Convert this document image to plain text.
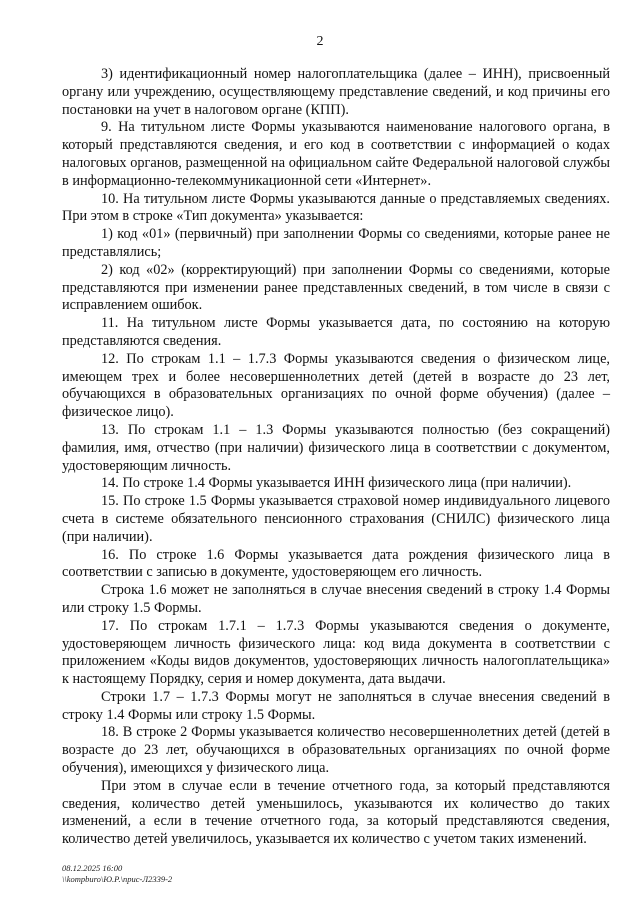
2

3) идентификационный номер налогоплательщика (далее – ИНН), присвоенный органу или учреждению, осуществляющему представление сведений, и код причины его постановки на учет в налоговом органе (КПП).

9. На титульном листе Формы указываются наименование налогового органа, в который представляются сведения, и его код в соответствии с информацией о кодах налоговых органов, размещенной на официальном сайте Федеральной налоговой службы в информационно-телекоммуникационной сети «Интернет».

10. На титульном листе Формы указываются данные о представляемых сведениях. При этом в строке «Тип документа» указывается:

1) код «01» (первичный) при заполнении Формы со сведениями, которые ранее не представлялись;

2) код «02» (корректирующий) при заполнении Формы со сведениями, которые представляются при изменении ранее представленных сведений, в том числе в связи с исправлением ошибок.

11. На титульном листе Формы указывается дата, по состоянию на которую представляются сведения.

12. По строкам 1.1 – 1.7.3 Формы указываются сведения о физическом лице, имеющем трех и более несовершеннолетних детей (детей в возрасте до 23 лет, обучающихся в образовательных организациях по очной форме обучения) (далее – физическое лицо).

13. По строкам 1.1 – 1.3 Формы указываются полностью (без сокращений) фамилия, имя, отчество (при наличии) физического лица в соответствии с документом, удостоверяющим личность.

14. По строке 1.4 Формы указывается ИНН физического лица (при наличии).

15. По строке 1.5 Формы указывается страховой номер индивидуального лицевого счета в системе обязательного пенсионного страхования (СНИЛС) физического лица (при наличии).

16. По строке 1.6 Формы указывается дата рождения физического лица в соответствии с записью в документе, удостоверяющем его личность.

Строка 1.6 может не заполняться в случае внесения сведений в строку 1.4 Формы или строку 1.5 Формы.

17. По строкам 1.7.1 – 1.7.3 Формы указываются сведения о документе, удостоверяющем личность физического лица: код вида документа в соответствии с приложением «Коды видов документов, удостоверяющих личность налогоплательщика» к настоящему Порядку, серия и номер документа, дата выдачи.

Строки 1.7 – 1.7.3 Формы могут не заполняться в случае внесения сведений в строку 1.4 Формы или строку 1.5 Формы.

18. В строке 2 Формы указывается количество несовершеннолетних детей (детей в возрасте до 23 лет, обучающихся в образовательных организациях по очной форме обучения), имеющихся у физического лица.

При этом в случае если в течение отчетного года, за который представляются сведения, количество детей уменьшилось, указываются их количество до таких изменений, а если в течение отчетного года, за который представляются сведения, количество детей увеличилось, указывается их количество с учетом таких изменений.

08.12.2025 16:00
\\kompburo\Ю.Р.\прис-Л2339-2
